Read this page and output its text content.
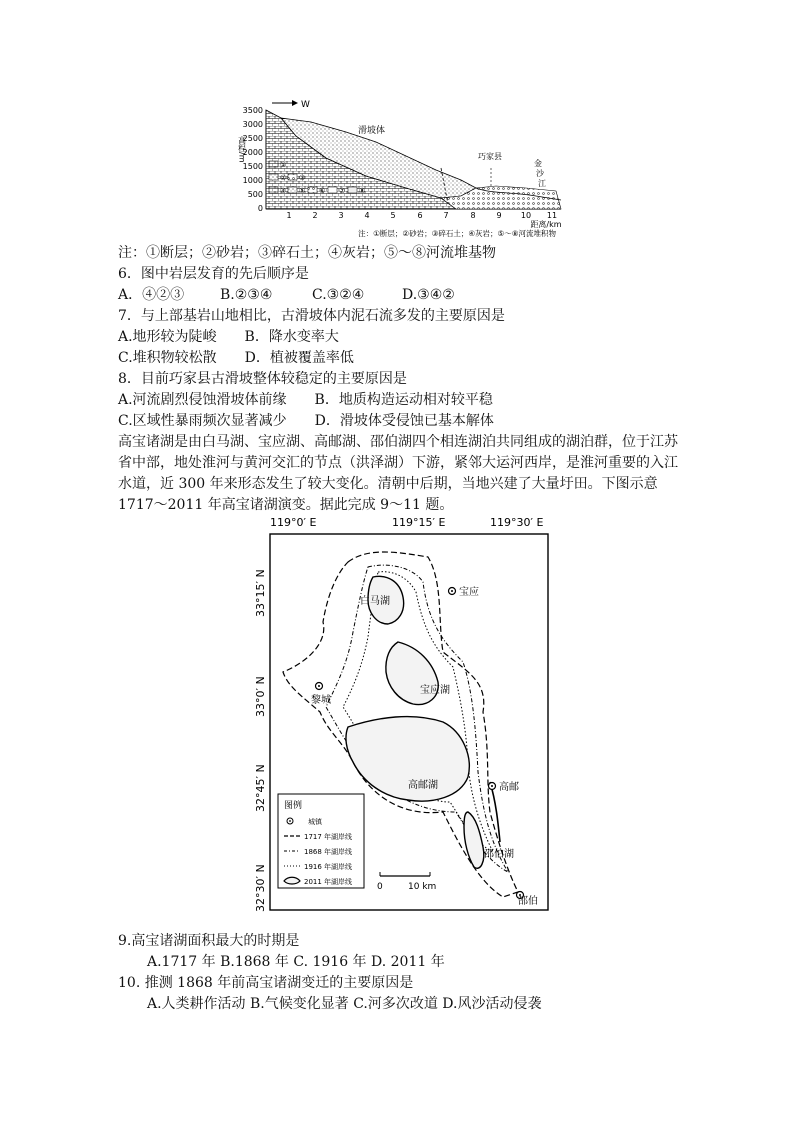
W
3500
3000
2500
2000
1500
1000
500
0
高程/m
1	2	3	4	5	6	7	8	9 10 11
距离/km
滑坡体
巧家县
金
沙
江
①
② ③
④ ⑤ ⑥ ⑦ ⑧
注：①断层；②砂岩；③碎石土；④灰岩；⑤～⑧河流堆积物
注：①断层；②砂岩；③碎石土；④灰岩；⑤～⑧河流堆基物
6．图中岩层发育的先后顺序是
A．④②③	B.②③④	C.③②④	D.③④②
7．与上部基岩山地相比，古滑坡体内泥石流多发的主要原因是
A.地形较为陡峻　　B．降水变率大
C.堆积物较松散　　D．植被覆盖率低
8．目前巧家县古滑坡整体较稳定的主要原因是
A.河流剧烈侵蚀滑坡体前缘　　B．地质构造运动相对较平稳
C.区域性暴雨频次显著减少　　D．滑坡体受侵蚀已基本解体
高宝诸湖是由白马湖、宝应湖、高邮湖、邵伯湖四个相连湖泊共同组成的湖泊群，位于江苏省中部，地处淮河与黄河交汇的节点（洪泽湖）下游，紧邻大运河西岸，是淮河重要的入江水道，近 300 年来形态发生了较大变化。清朝中后期，当地兴建了大量圩田。下图示意 1717～2011 年高宝诸湖演变。据此完成 9～11 题。
119°0′ E	119°15′ E	119°30′ E
33°15′ N
33°0′ N
32°45′ N
32°30′ N
宝应
黎城
高邮
邵伯
白马湖
宝应湖
高邮湖
邵伯湖
图例
城镇
1717 年湖岸线
1868 年湖岸线
1916 年湖岸线
2011 年湖岸线	0	10 km
9.高宝诸湖面积最大的时期是
A.1717 年 B.1868 年 C. 1916 年 D. 2011 年
10. 推测 1868 年前高宝诸湖变迁的主要原因是
A.人类耕作活动 B.气候变化显著 C.河多次改道 D.风沙活动侵袭
